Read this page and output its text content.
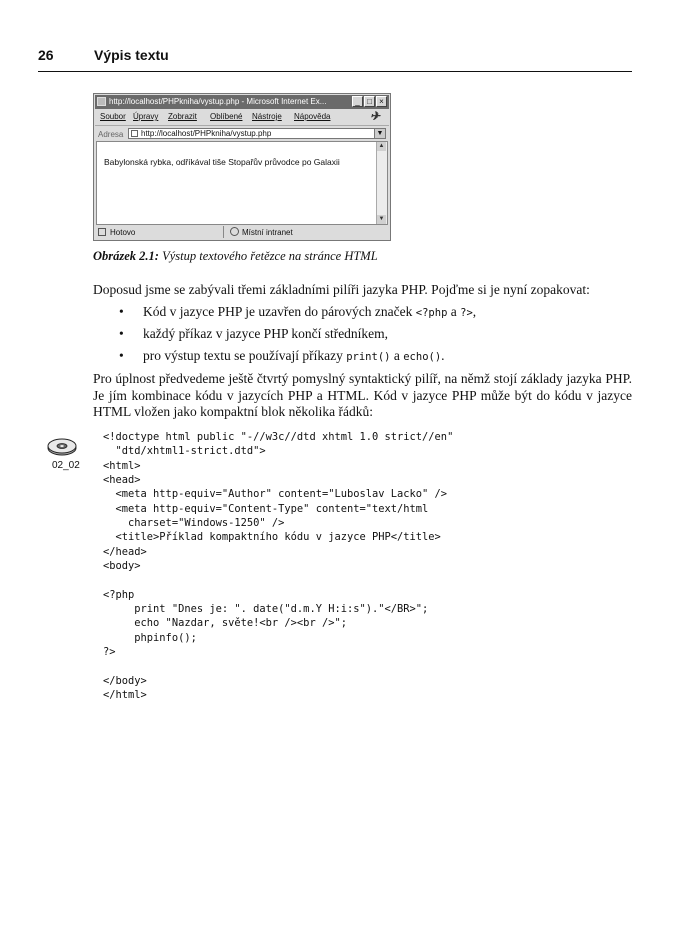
26	Výpis textu
http://localhost/PHPkniha/vystup.php - Microsoft Internet Ex...	_ □ ×
Soubor Úpravy Zobrazit Oblíbené Nástroje Nápověda	✈
Adresa http://localhost/PHPkniha/vystup.php	▼
Babylonská rybka, odříkával tiše Stopařův průvodce po Galaxii
▲
▼
Hotovo	Místní intranet
Obrázek 2.1: Výstup textového řetězce na stránce HTML
Doposud jsme se zabývali třemi základními pilíři jazyka PHP. Pojďme si je nyní zopakovat:
• Kód v jazyce PHP je uzavřen do párových značek <?php a ?>,
• každý příkaz v jazyce PHP končí středníkem,
• pro výstup textu se používají příkazy print() a echo().
Pro úplnost předvedeme ještě čtvrtý pomyslný syntaktický pilíř, na němž stojí základy jazyka PHP. Je jím kombinace kódu v jazycích PHP a HTML. Kód v jazyce PHP může být do kódu v jazyce HTML vložen jako kompaktní blok několika řádků:
02_02
<!doctype html public "-//w3c//dtd xhtml 1.0 strict//en"
"dtd/xhtml1-strict.dtd">
<html>
<head>
<meta http-equiv="Author" content="Luboslav Lacko" />
<meta http-equiv="Content-Type" content="text/html
charset="Windows-1250" />
<title>Příklad kompaktního kódu v jazyce PHP</title>
</head>
<body>

<?php
print "Dnes je: ". date("d.m.Y H:i:s")."</BR>";
echo "Nazdar, světe!<br /><br />";
phpinfo();
?>

</body>
</html>
